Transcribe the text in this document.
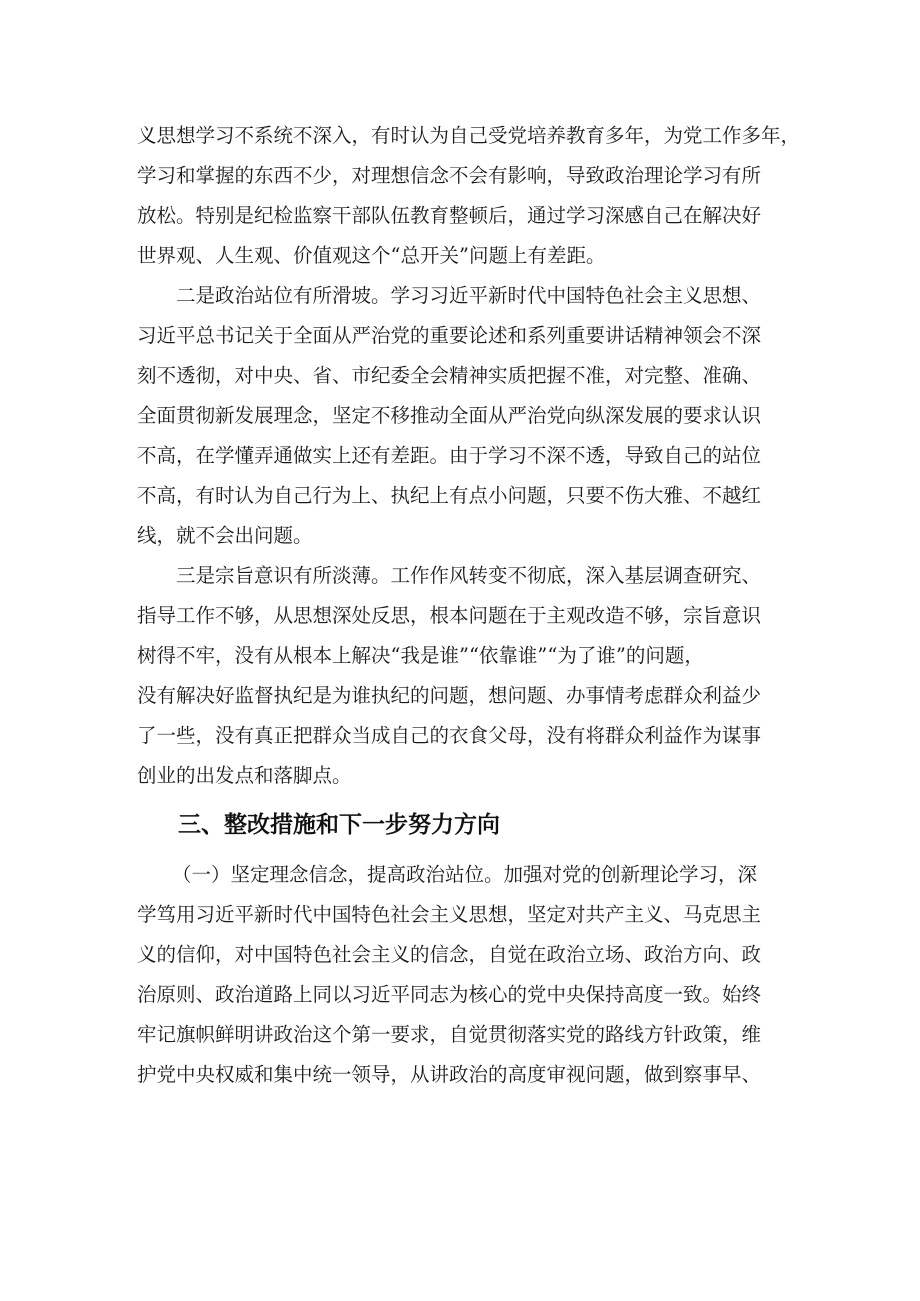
义思想学习不系统不深入，有时认为自己受党培养教育多年，为党工作多年，
学习和掌握的东西不少，对理想信念不会有影响，导致政治理论学习有所
放松。特别是纪检监察干部队伍教育整顿后，通过学习深感自己在解决好
世界观、人生观、价值观这个“总开关”问题上有差距。
二是政治站位有所滑坡。学习习近平新时代中国特色社会主义思想、
习近平总书记关于全面从严治党的重要论述和系列重要讲话精神领会不深
刻不透彻，对中央、省、市纪委全会精神实质把握不准，对完整、准确、
全面贯彻新发展理念，坚定不移推动全面从严治党向纵深发展的要求认识
不高，在学懂弄通做实上还有差距。由于学习不深不透，导致自己的站位
不高，有时认为自己行为上、执纪上有点小问题，只要不伤大雅、不越红
线，就不会出问题。
三是宗旨意识有所淡薄。工作作风转变不彻底，深入基层调查研究、
指导工作不够，从思想深处反思，根本问题在于主观改造不够，宗旨意识
树得不牢，没有从根本上解决“我是谁”“依靠谁”“为了谁”的问题，
没有解决好监督执纪是为谁执纪的问题，想问题、办事情考虑群众利益少
了一些，没有真正把群众当成自己的衣食父母，没有将群众利益作为谋事
创业的出发点和落脚点。
三、整改措施和下一步努力方向
（一）坚定理念信念，提高政治站位。加强对党的创新理论学习，深
学笃用习近平新时代中国特色社会主义思想，坚定对共产主义、马克思主
义的信仰，对中国特色社会主义的信念，自觉在政治立场、政治方向、政
治原则、政治道路上同以习近平同志为核心的党中央保持高度一致。始终
牢记旗帜鲜明讲政治这个第一要求，自觉贯彻落实党的路线方针政策，维
护党中央权威和集中统一领导，从讲政治的高度审视问题，做到察事早、
